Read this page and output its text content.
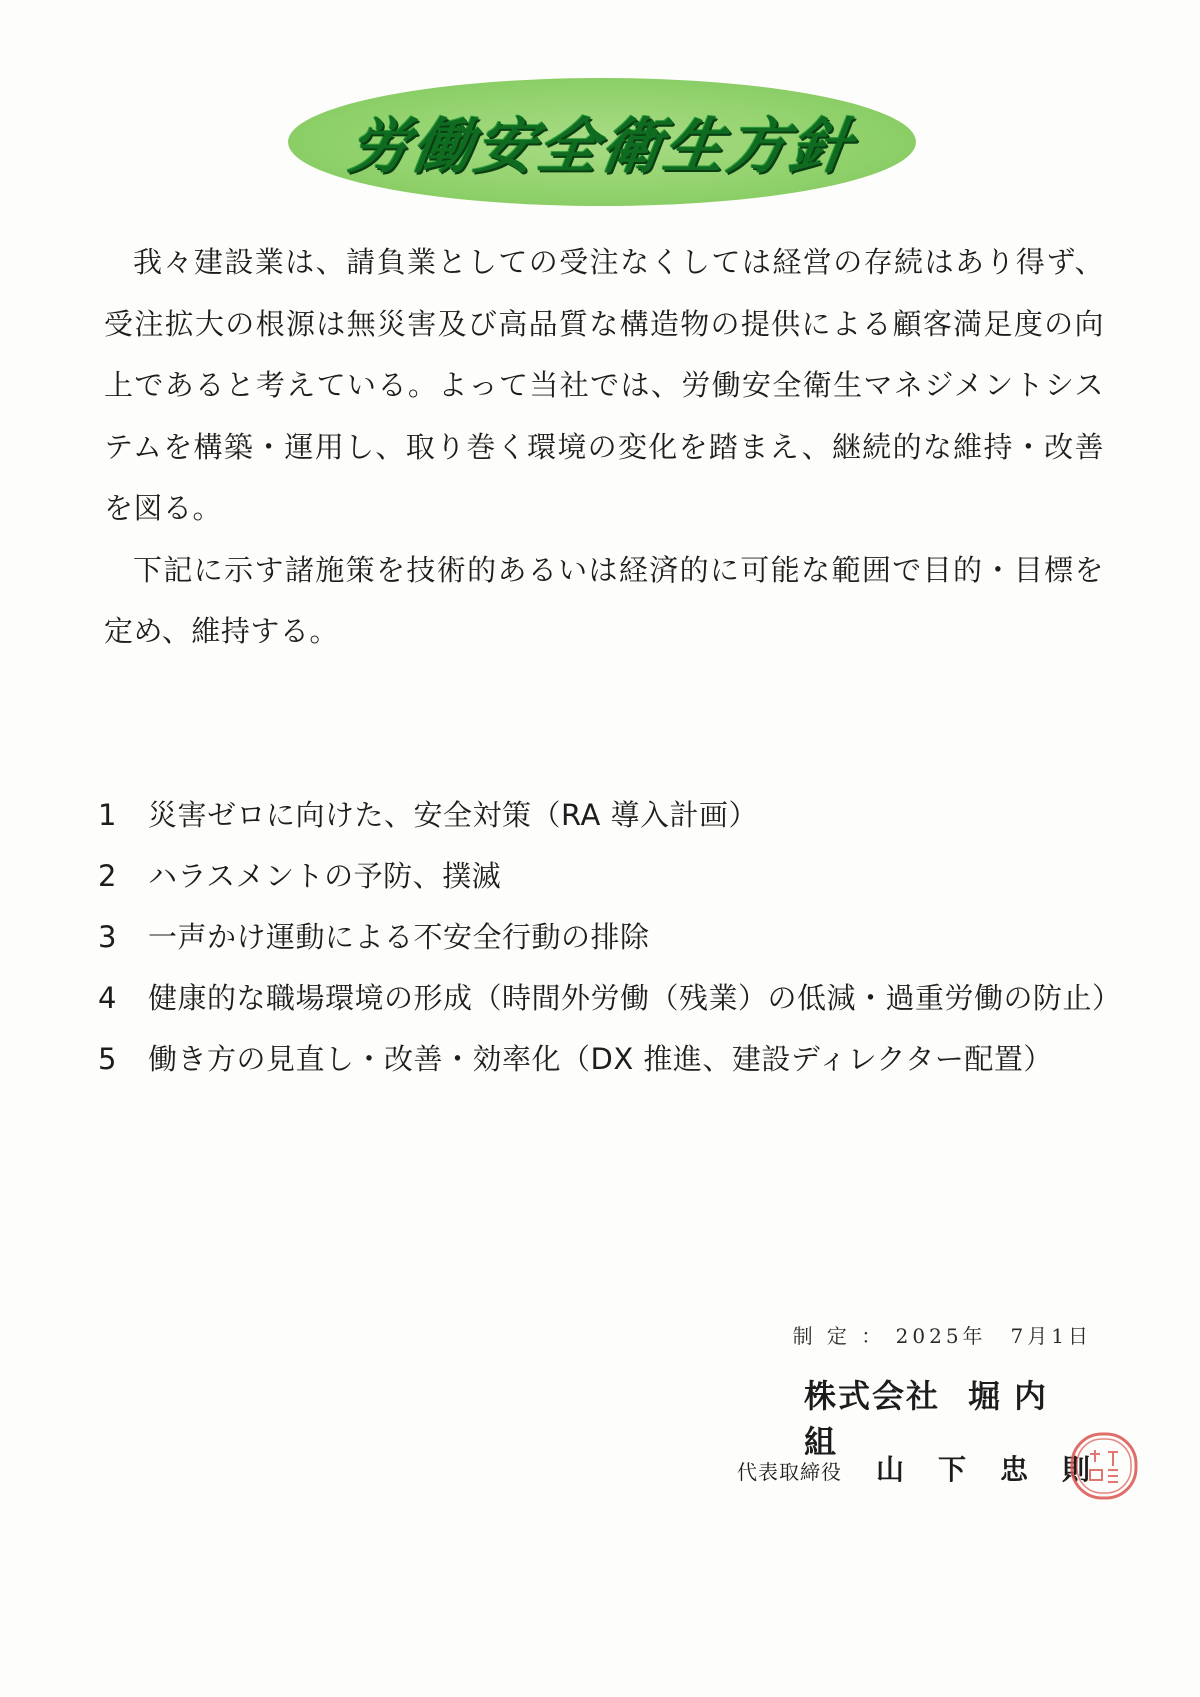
労働安全衛生方針

我々建設業は、請負業としての受注なくしては経営の存続はあり得ず、受注拡大の根源は無災害及び高品質な構造物の提供による顧客満足度の向上であると考えている。よって当社では、労働安全衛生マネジメントシステムを構築・運用し、取り巻く環境の変化を踏まえ、継続的な維持・改善を図る。

下記に示す諸施策を技術的あるいは経済的に可能な範囲で目的・目標を定め、維持する。

1	災害ゼロに向けた、安全対策（RA 導入計画）
2	ハラスメントの予防、撲滅
3	一声かけ運動による不安全行動の排除
4	健康的な職場環境の形成（時間外労働（残業）の低減・過重労働の防止）
5	働き方の見直し・改善・効率化（DX 推進、建設ディレクター配置）
制 定 ： 2025年　7月1日
株式会社 堀内組
代表取締役 山下忠則
